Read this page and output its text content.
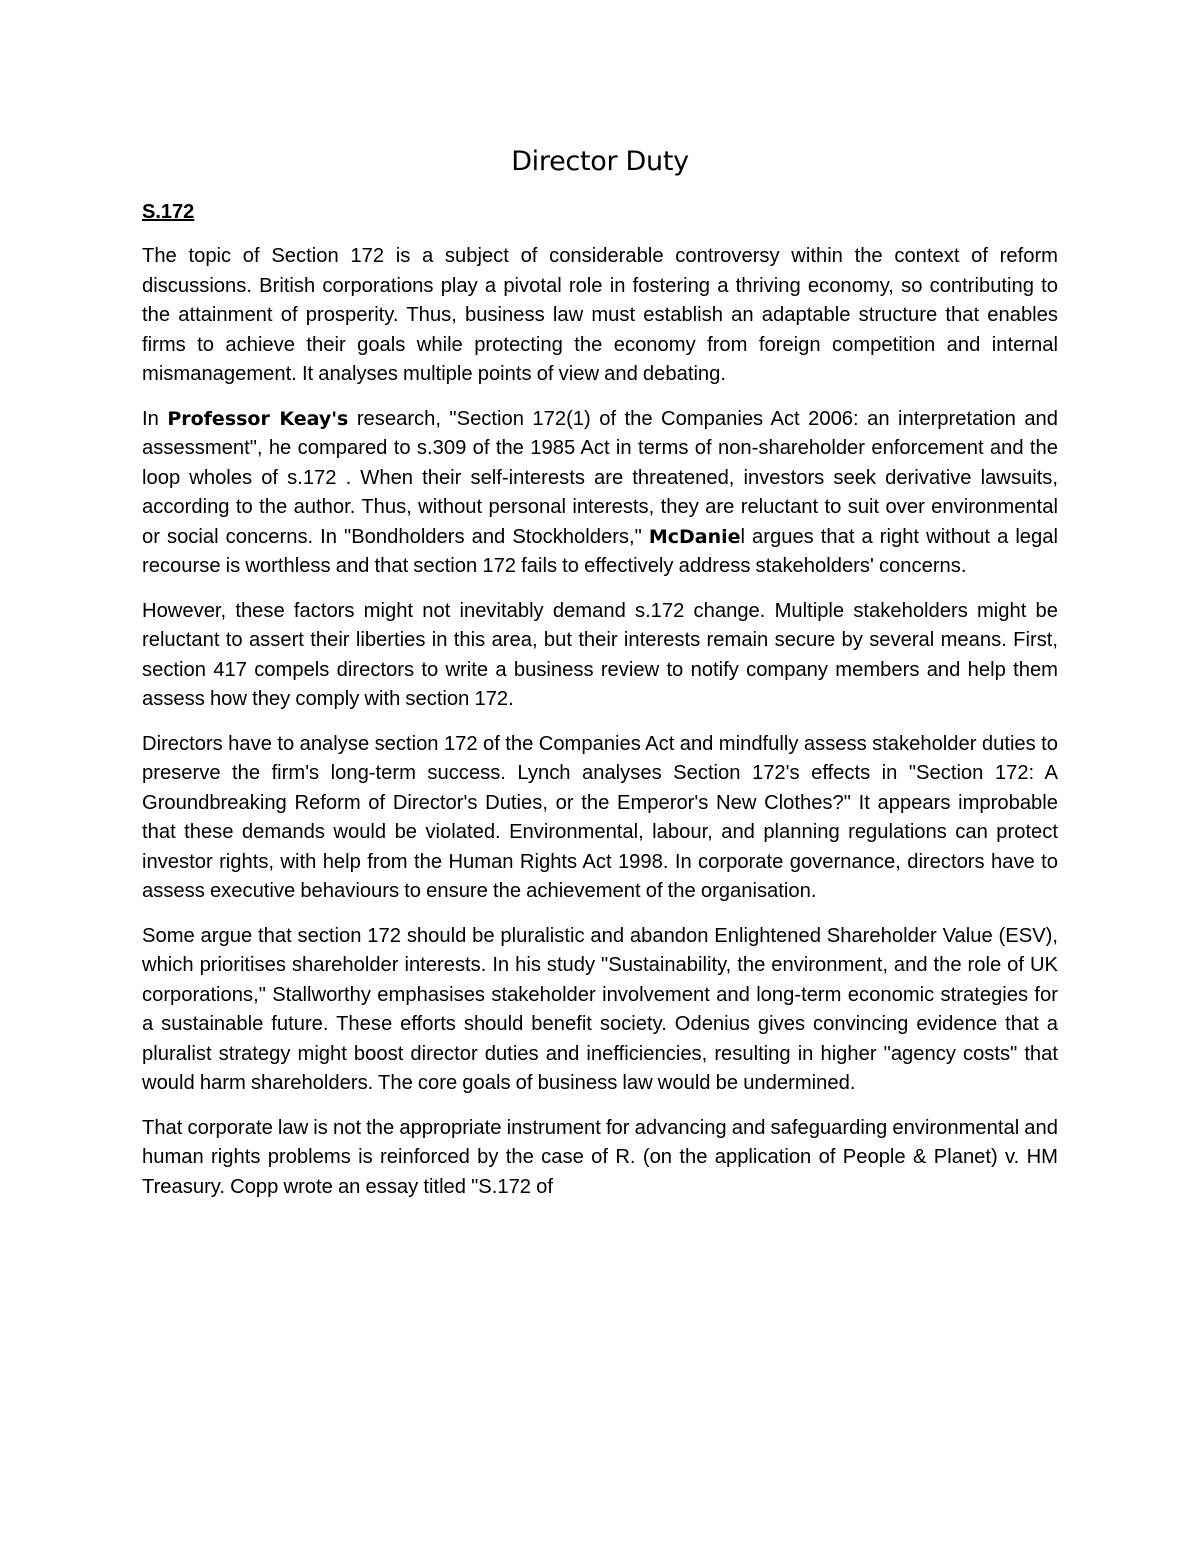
Director Duty
S.172

The topic of Section 172 is a subject of considerable controversy within the context of reform discussions. British corporations play a pivotal role in fostering a thriving economy, so contributing to the attainment of prosperity. Thus, business law must establish an adaptable structure that enables firms to achieve their goals while protecting the economy from foreign competition and internal mismanagement. It analyses multiple points of view and debating.

In Professor Keay's research, "Section 172(1) of the Companies Act 2006: an interpretation and assessment", he compared to s.309 of the 1985 Act in terms of non-shareholder enforcement and the loop wholes of s.172 . When their self-interests are threatened, investors seek derivative lawsuits, according to the author. Thus, without personal interests, they are reluctant to suit over environmental or social concerns. In "Bondholders and Stockholders," McDaniel argues that a right without a legal recourse is worthless and that section 172 fails to effectively address stakeholders' concerns.

However, these factors might not inevitably demand s.172 change. Multiple stakeholders might be reluctant to assert their liberties in this area, but their interests remain secure by several means. First, section 417 compels directors to write a business review to notify company members and help them assess how they comply with section 172.

Directors have to analyse section 172 of the Companies Act and mindfully assess stakeholder duties to preserve the firm's long-term success. Lynch analyses Section 172's effects in "Section 172: A Groundbreaking Reform of Director's Duties, or the Emperor's New Clothes?" It appears improbable that these demands would be violated. Environmental, labour, and planning regulations can protect investor rights, with help from the Human Rights Act 1998. In corporate governance, directors have to assess executive behaviours to ensure the achievement of the organisation.

Some argue that section 172 should be pluralistic and abandon Enlightened Shareholder Value (ESV), which prioritises shareholder interests. In his study "Sustainability, the environment, and the role of UK corporations," Stallworthy emphasises stakeholder involvement and long-term economic strategies for a sustainable future. These efforts should benefit society. Odenius gives convincing evidence that a pluralist strategy might boost director duties and inefficiencies, resulting in higher "agency costs" that would harm shareholders. The core goals of business law would be undermined.

That corporate law is not the appropriate instrument for advancing and safeguarding environmental and human rights problems is reinforced by the case of R. (on the application of People & Planet) v. HM Treasury. Copp wrote an essay titled "S.172 of
